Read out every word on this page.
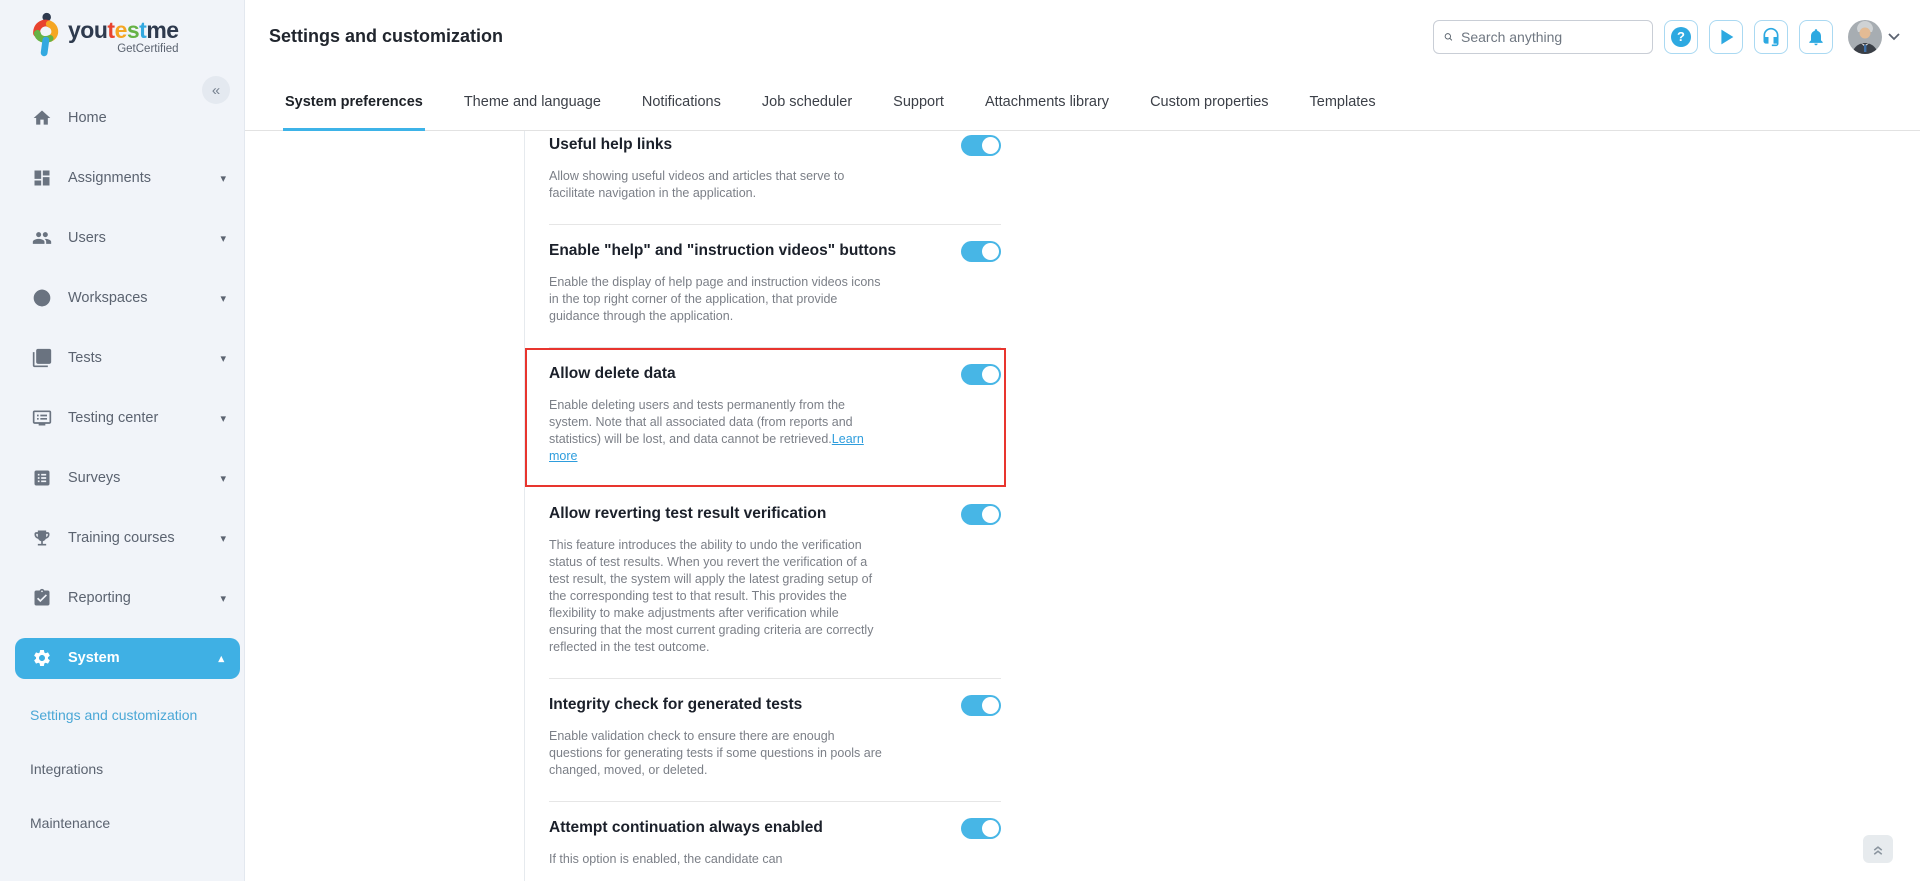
youtestme
GetCertified
«
Home
Assignments	▾
Users	▾
Workspaces	▾
Tests	▾
Testing center	▾
Surveys	▾
Training courses	▾
Reporting	▾
System	▴
Settings and customization
Integrations
Maintenance
Settings and customization
Search anything	?
System preferences	Theme and language	Notifications	Job scheduler	Support	Attachments library	Custom properties	Templates
Useful help links

Allow showing useful videos and articles that serve to facilitate navigation in the application.

Enable "help" and "instruction videos" buttons

Enable the display of help page and instruction videos icons in the top right corner of the application, that provide guidance through the application.

Allow delete data

Enable deleting users and tests permanently from the system. Note that all associated data (from reports and statistics) will be lost, and data cannot be retrieved.Learn more

Allow reverting test result verification

This feature introduces the ability to undo the verification status of test results. When you revert the verification of a test result, the system will apply the latest grading setup of the corresponding test to that result. This provides the flexibility to make adjustments after verification while ensuring that the most current grading criteria are correctly reflected in the test outcome.

Integrity check for generated tests

Enable validation check to ensure there are enough questions for generating tests if some questions in pools are changed, moved, or deleted.

Attempt continuation always enabled

If this option is enabled, the candidate can
